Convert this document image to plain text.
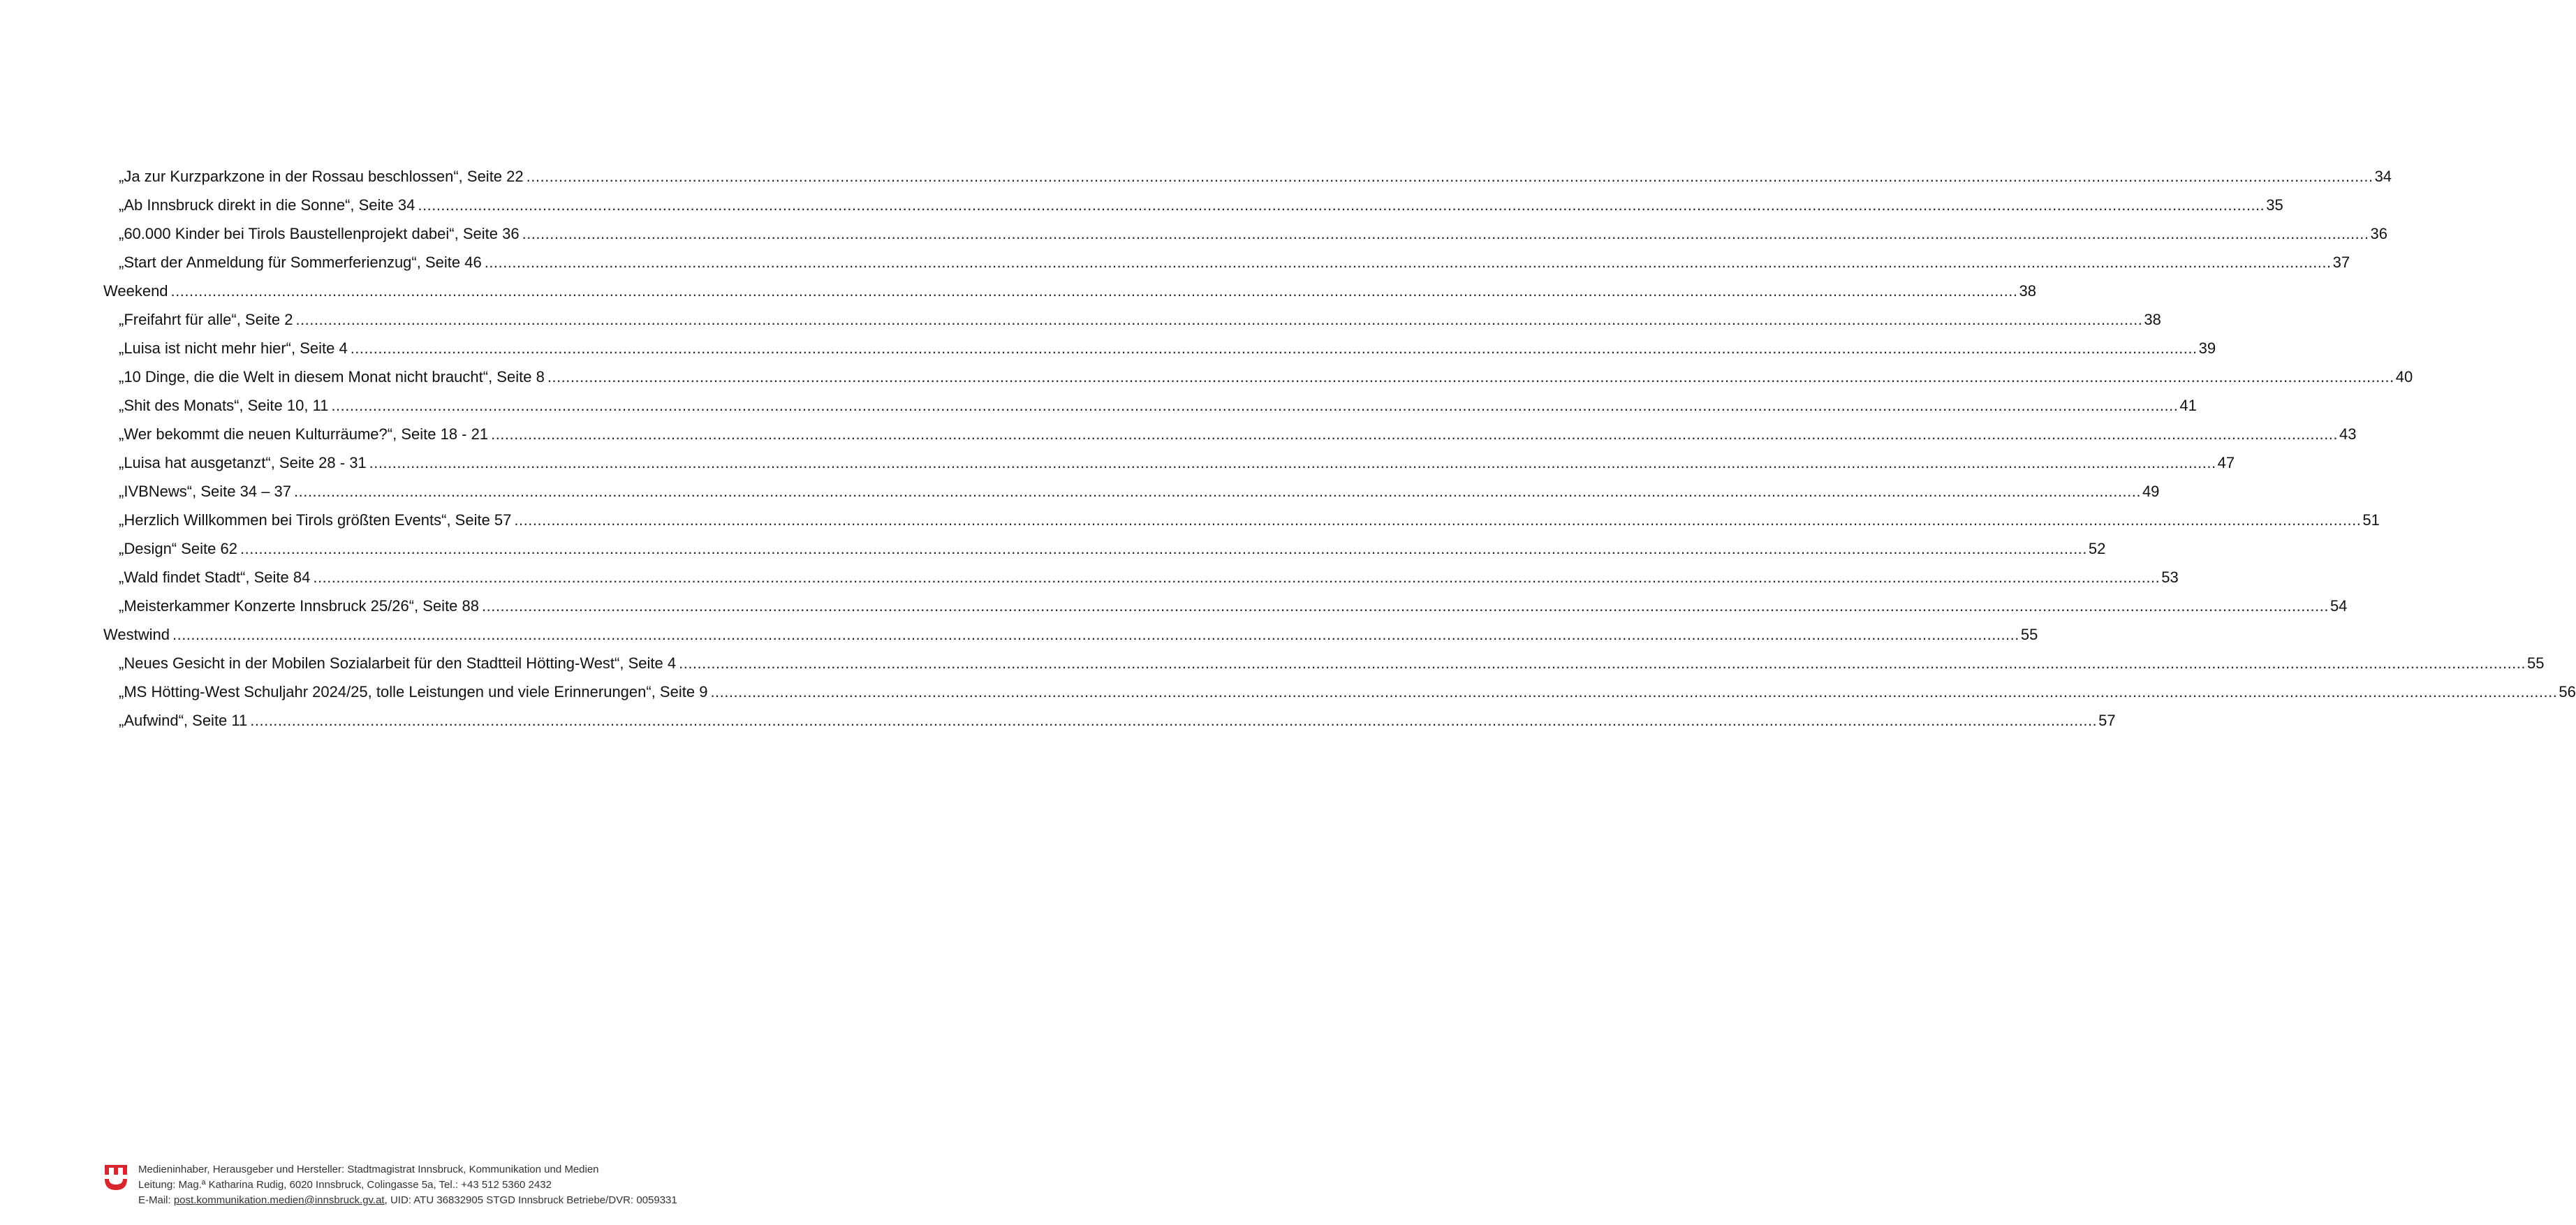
„Ja zur Kurzparkzone in der Rossau beschlossen“, Seite 22 ................................................................................................................................................................................................................................................................................................................................................................................................................ 34
„Ab Innsbruck direkt in die Sonne“, Seite 34 ................................................................................................................................................................................................................................................................................................................................................................................................................ 35
„60.000 Kinder bei Tirols Baustellenprojekt dabei“, Seite 36 ................................................................................................................................................................................................................................................................................................................................................................................................................ 36
„Start der Anmeldung für Sommerferienzug“, Seite 46 ................................................................................................................................................................................................................................................................................................................................................................................................................ 37
Weekend ................................................................................................................................................................................................................................................................................................................................................................................................................ 38
„Freifahrt für alle“, Seite 2 ................................................................................................................................................................................................................................................................................................................................................................................................................ 38
„Luisa ist nicht mehr hier“, Seite 4 ................................................................................................................................................................................................................................................................................................................................................................................................................ 39
„10 Dinge, die die Welt in diesem Monat nicht braucht“, Seite 8 ................................................................................................................................................................................................................................................................................................................................................................................................................ 40
„Shit des Monats“, Seite 10, 11 ................................................................................................................................................................................................................................................................................................................................................................................................................ 41
„Wer bekommt die neuen Kulturräume?“, Seite 18 - 21 ................................................................................................................................................................................................................................................................................................................................................................................................................ 43
„Luisa hat ausgetanzt“, Seite 28 - 31 ................................................................................................................................................................................................................................................................................................................................................................................................................ 47
„IVBNews“, Seite 34 – 37 ................................................................................................................................................................................................................................................................................................................................................................................................................ 49
„Herzlich Willkommen bei Tirols größten Events“, Seite 57 ................................................................................................................................................................................................................................................................................................................................................................................................................ 51
„Design“ Seite 62 ................................................................................................................................................................................................................................................................................................................................................................................................................ 52
„Wald findet Stadt“, Seite 84 ................................................................................................................................................................................................................................................................................................................................................................................................................ 53
„Meisterkammer Konzerte Innsbruck 25/26“, Seite 88 ................................................................................................................................................................................................................................................................................................................................................................................................................ 54
Westwind ................................................................................................................................................................................................................................................................................................................................................................................................................ 55
„Neues Gesicht in der Mobilen Sozialarbeit für den Stadtteil Hötting-West“, Seite 4 ................................................................................................................................................................................................................................................................................................................................................................................................................ 55
„MS Hötting-West Schuljahr 2024/25, tolle Leistungen und viele Erinnerungen“, Seite 9 ................................................................................................................................................................................................................................................................................................................................................................................................................ 56
„Aufwind“, Seite 11 ................................................................................................................................................................................................................................................................................................................................................................................................................ 57
Medieninhaber, Herausgeber und Hersteller: Stadtmagistrat Innsbruck, Kommunikation und Medien
Leitung: Mag.ª Katharina Rudig, 6020 Innsbruck, Colingasse 5a, Tel.: +43 512 5360 2432
E-Mail: post.kommunikation.medien@innsbruck.gv.at, UID: ATU 36832905 STGD Innsbruck Betriebe/DVR: 0059331
